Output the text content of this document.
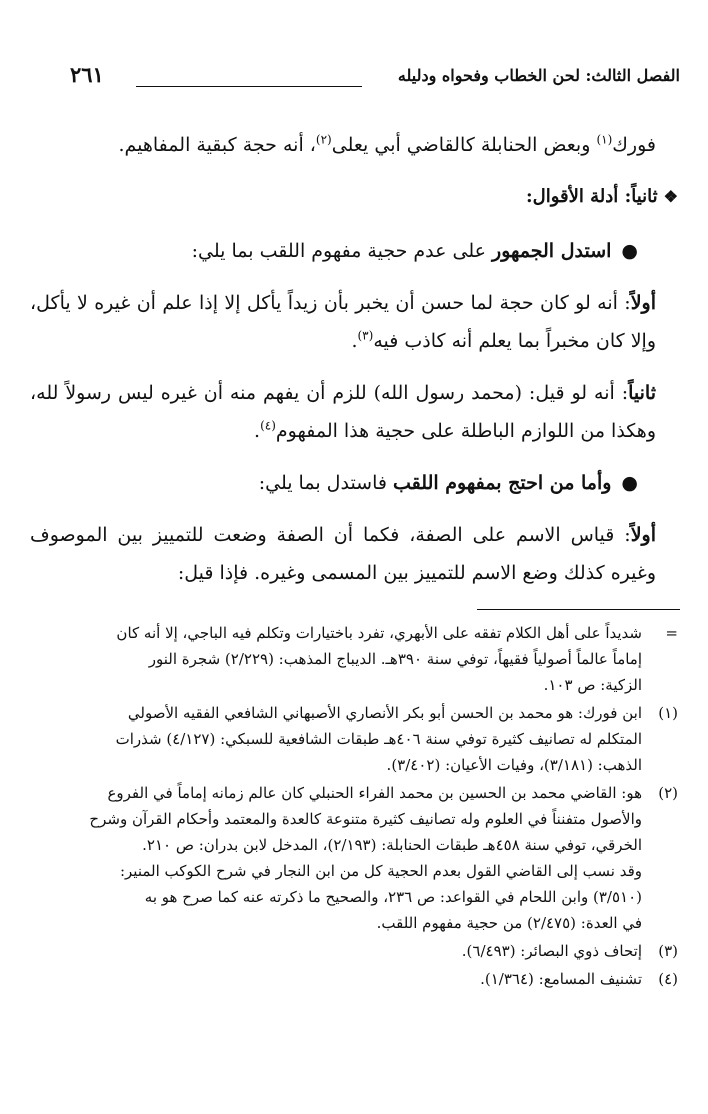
الفصل الثالث: لحن الخطاب وفحواه ودليله
٢٦١

فورك$^{(١)}$ وبعض الحنابلة كالقاضي أبي يعلى$^{(٢)}$، أنه حجة كبقية المفاهيم.

❖ثانياً: أدلة الأقوال:

●استدل الجمهور على عدم حجية مفهوم اللقب بما يلي:

أولاً: أنه لو كان حجة لما حسن أن يخبر بأن زيداً يأكل إلا إذا علم أن غيره لا يأكل، وإلا كان مخبراً بما يعلم أنه كاذب فيه$^{(٣)}$.

ثانياً: أنه لو قيل: (محمد رسول الله) للزم أن يفهم منه أن غيره ليس رسولاً لله، وهكذا من اللوازم الباطلة على حجية هذا المفهوم$^{(٤)}$.

●وأما من احتج بمفهوم اللقب فاستدل بما يلي:

أولاً: قياس الاسم على الصفة، فكما أن الصفة وضعت للتمييز بين الموصوف وغيره كذلك وضع الاسم للتمييز بين المسمى وغيره. فإذا قيل:

=
شديداً على أهل الكلام تفقه على الأبهري، تفرد باختيارات وتكلم فيه الباجي، إلا أنه كان
إماماً عالماً أصولياً فقيهاً، توفي سنة ٣٩٠هـ. الديباج المذهب: (٢/٢٢٩) شجرة النور
الزكية: ص ١٠٣.
(١)
ابن فورك: هو محمد بن الحسن أبو بكر الأنصاري الأصبهاني الشافعي الفقيه الأصولي
المتكلم له تصانيف كثيرة توفي سنة ٤٠٦هـ طبقات الشافعية للسبكي: (٤/١٢٧) شذرات
الذهب: (٣/١٨١)، وفيات الأعيان: (٣/٤٠٢).
(٢)
هو: القاضي محمد بن الحسين بن محمد الفراء الحنبلي كان عالم زمانه إماماً في الفروع
والأصول متفنناً في العلوم وله تصانيف كثيرة متنوعة كالعدة والمعتمد وأحكام القرآن وشرح
الخرقي، توفي سنة ٤٥٨هـ طبقات الحنابلة: (٢/١٩٣)، المدخل لابن بدران: ص ٢١٠.
وقد نسب إلى القاضي القول بعدم الحجية كل من ابن النجار في شرح الكوكب المنير:
(٣/٥١٠) وابن اللحام في القواعد: ص ٢٣٦، والصحيح ما ذكرته عنه كما صرح هو به
في العدة: (٢/٤٧٥) من حجية مفهوم اللقب.
(٣)
إتحاف ذوي البصائر: (٦/٤٩٣).
(٤)
تشنيف المسامع: (١/٣٦٤).
